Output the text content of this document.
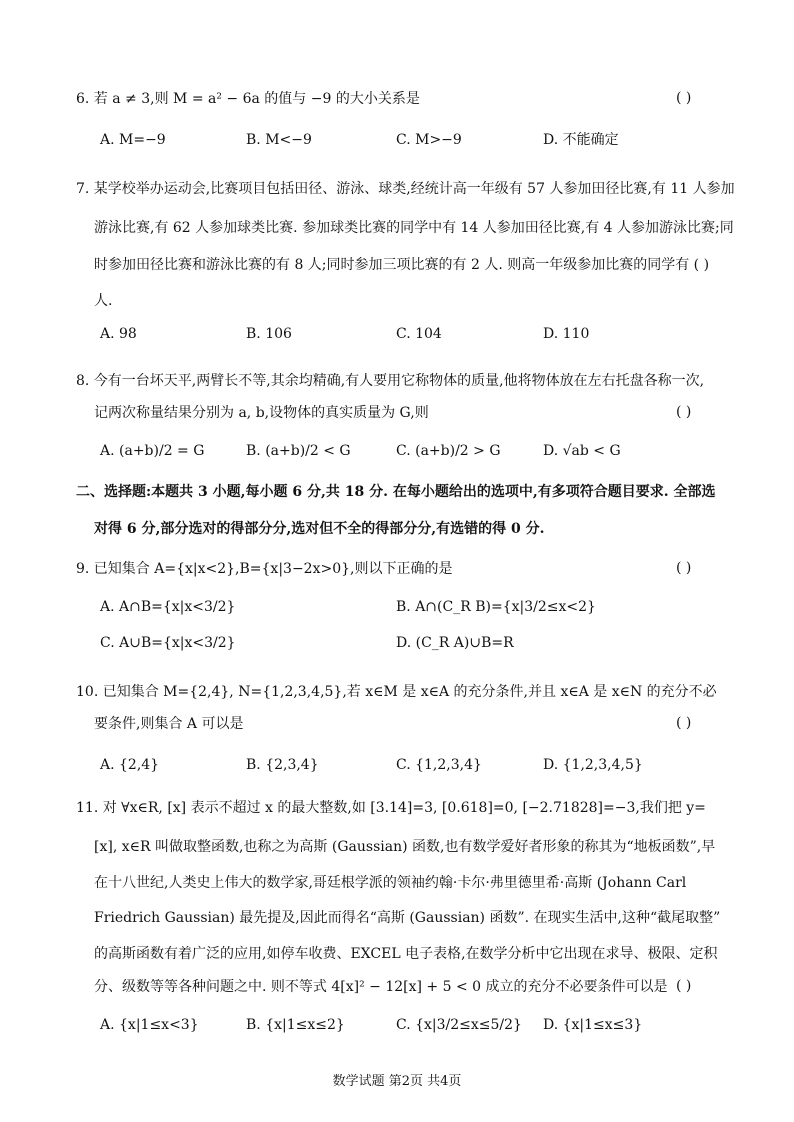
6. 若 a ≠ 3,则 M = a² − 6a 的值与 −9 的大小关系是	( )
A. M=−9	B. M<−9	C. M>−9	D. 不能确定
7. 某学校举办运动会,比赛项目包括田径、游泳、球类,经统计高一年级有 57 人参加田径比赛,有 11 人参加
游泳比赛,有 62 人参加球类比赛. 参加球类比赛的同学中有 14 人参加田径比赛,有 4 人参加游泳比赛;同
时参加田径比赛和游泳比赛的有 8 人;同时参加三项比赛的有 2 人. 则高一年级参加比赛的同学有 ( )
人.
A. 98	B. 106	C. 104	D. 110
8. 今有一台坏天平,两臂长不等,其余均精确,有人要用它称物体的质量,他将物体放在左右托盘各称一次,
记两次称量结果分别为 a, b,设物体的真实质量为 G,则	( )
A. (a+b)/2 = G	B. (a+b)/2 < G	C. (a+b)/2 > G	D. √ab < G
二、选择题:本题共 3 小题,每小题 6 分,共 18 分. 在每小题给出的选项中,有多项符合题目要求. 全部选
对得 6 分,部分选对的得部分分,选对但不全的得部分分,有选错的得 0 分.
9. 已知集合 A={x|x<2},B={x|3−2x>0},则以下正确的是	( )
A. A∩B={x|x<3/2}	B. A∩(C_R B)={x|3/2≤x<2}
C. A∪B={x|x<3/2}	D. (C_R A)∪B=R
10. 已知集合 M={2,4}, N={1,2,3,4,5},若 x∈M 是 x∈A 的充分条件,并且 x∈A 是 x∈N 的充分不必
要条件,则集合 A 可以是	( )
A. {2,4}	B. {2,3,4}	C. {1,2,3,4}	D. {1,2,3,4,5}
11. 对 ∀x∈R, [x] 表示不超过 x 的最大整数,如 [3.14]=3, [0.618]=0, [−2.71828]=−3,我们把 y=
[x], x∈R 叫做取整函数,也称之为高斯 (Gaussian) 函数,也有数学爱好者形象的称其为“地板函数”,早
在十八世纪,人类史上伟大的数学家,哥廷根学派的领袖约翰·卡尔·弗里德里希·高斯 (Johann Carl
Friedrich Gaussian) 最先提及,因此而得名“高斯 (Gaussian) 函数”. 在现实生活中,这种“截尾取整”
的高斯函数有着广泛的应用,如停车收费、EXCEL 电子表格,在数学分析中它出现在求导、极限、定积
分、级数等等各种问题之中. 则不等式 4[x]² − 12[x] + 5 < 0 成立的充分不必要条件可以是 ( )
A. {x|1≤x<3}	B. {x|1≤x≤2}	C. {x|3/2≤x≤5/2} D. {x|1≤x≤3}
数学试题 第2页 共4页
